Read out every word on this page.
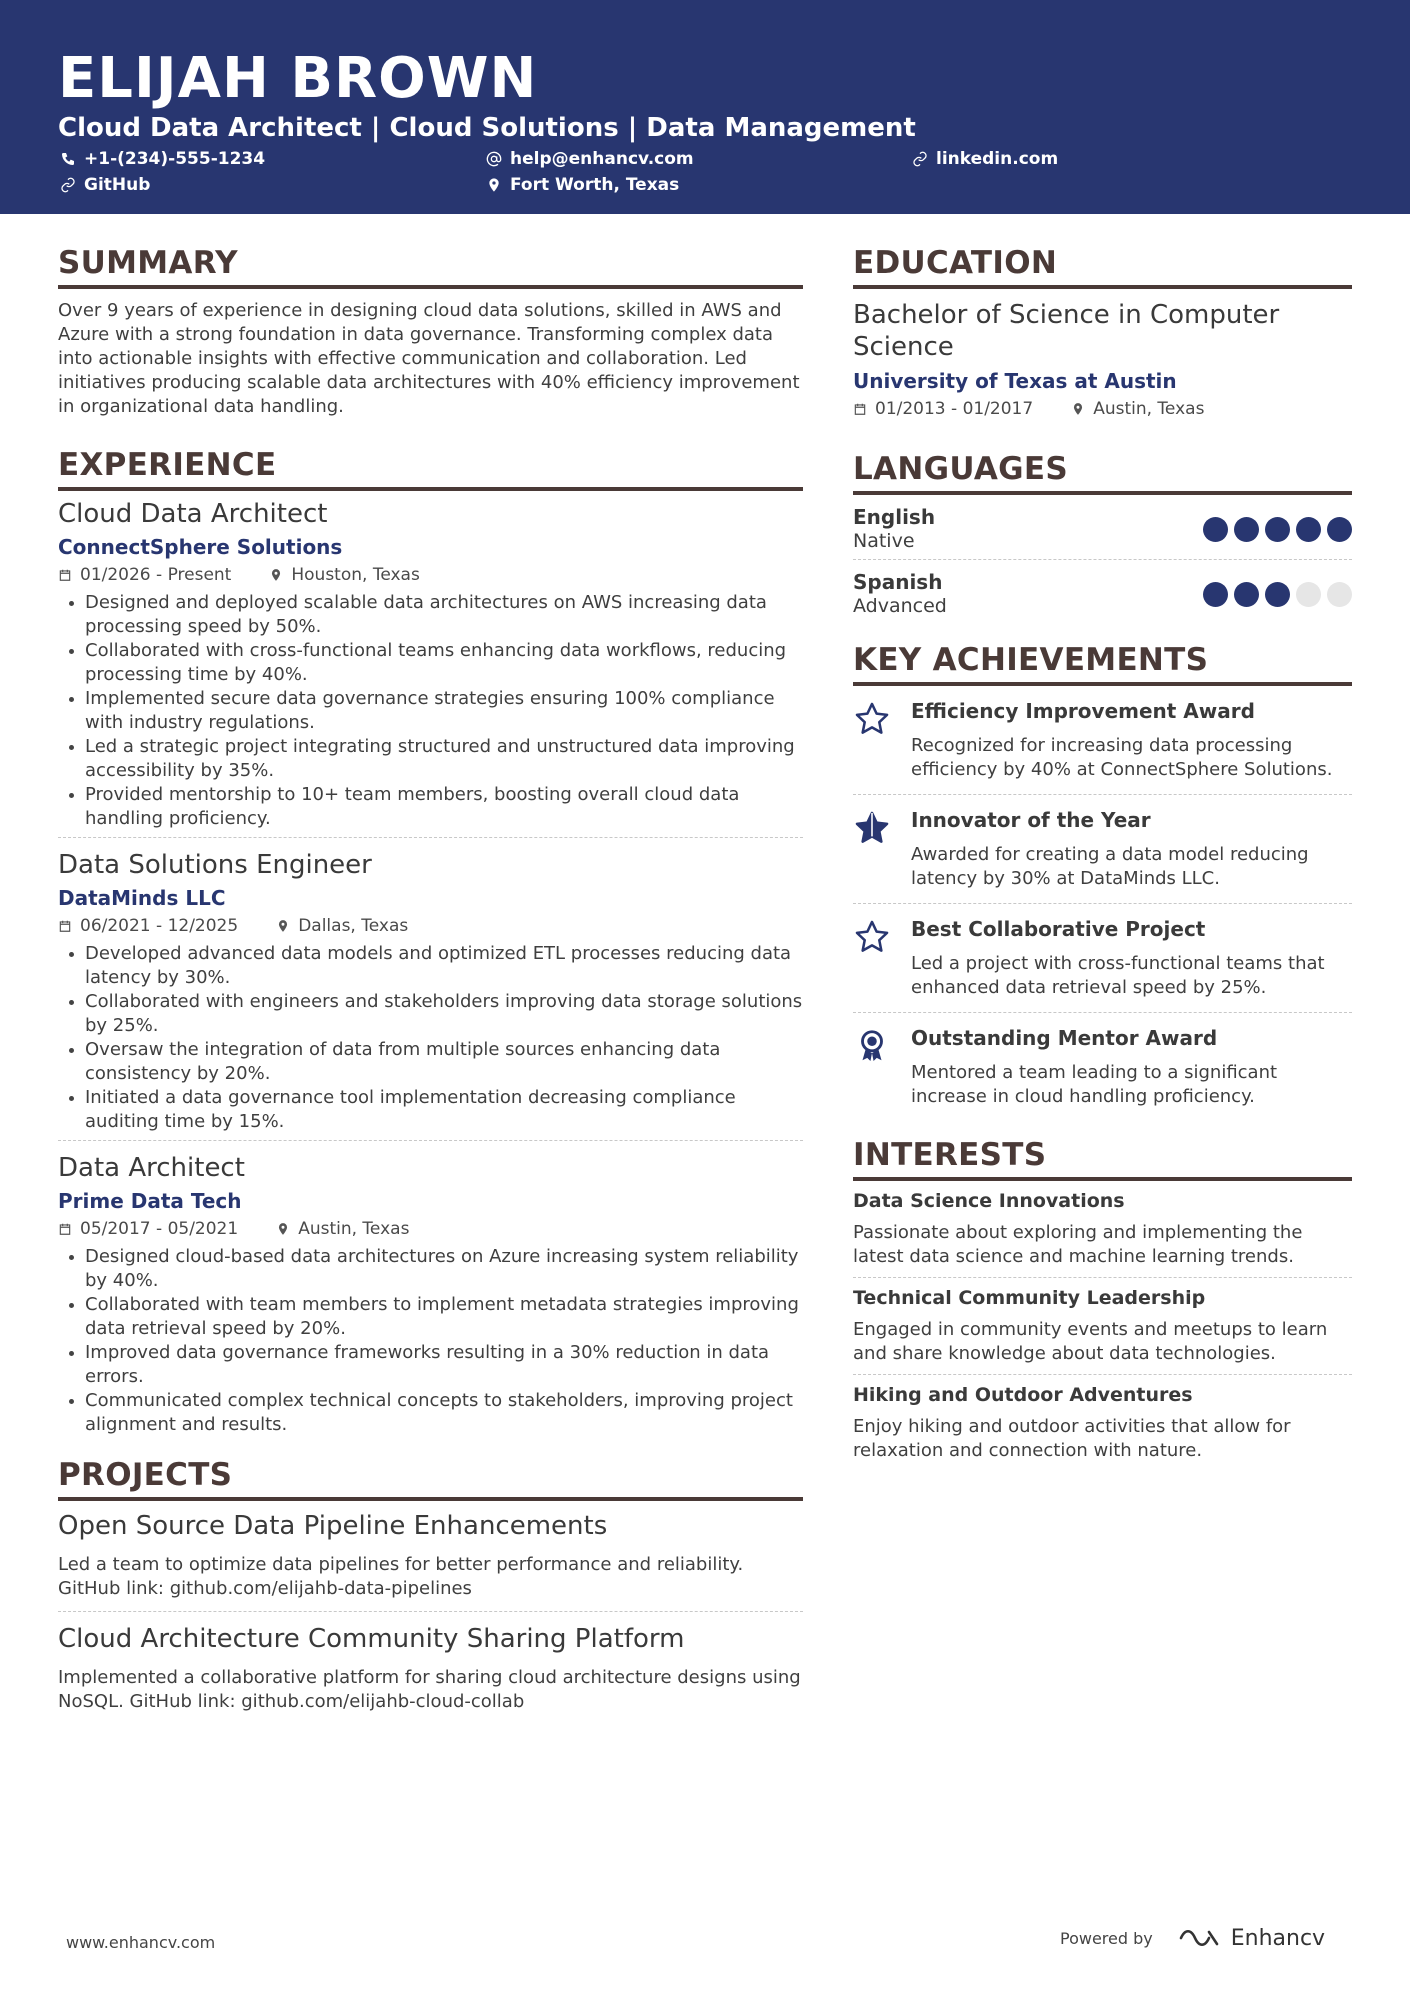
ELIJAH BROWN
Cloud Data Architect | Cloud Solutions | Data Management
+1-(234)-555-1234	help@enhancv.com	linkedin.com
GitHub	Fort Worth, Texas
SUMMARY
Over 9 years of experience in designing cloud data solutions, skilled in AWS and Azure with a strong foundation in data governance. Transforming complex data into actionable insights with effective communication and collaboration. Led initiatives producing scalable data architectures with 40% efficiency improvement in organizational data handling.
EXPERIENCE
Cloud Data Architect
ConnectSphere Solutions
01/2026 - Present	Houston, Texas
Designed and deployed scalable data architectures on AWS increasing data processing speed by 50%.
Collaborated with cross-functional teams enhancing data workflows, reducing processing time by 40%.
Implemented secure data governance strategies ensuring 100% compliance with industry regulations.
Led a strategic project integrating structured and unstructured data improving accessibility by 35%.
Provided mentorship to 10+ team members, boosting overall cloud data handling proficiency.
Data Solutions Engineer
DataMinds LLC
06/2021 - 12/2025	Dallas, Texas
Developed advanced data models and optimized ETL processes reducing data latency by 30%.
Collaborated with engineers and stakeholders improving data storage solutions by 25%.
Oversaw the integration of data from multiple sources enhancing data consistency by 20%.
Initiated a data governance tool implementation decreasing compliance auditing time by 15%.
Data Architect
Prime Data Tech
05/2017 - 05/2021	Austin, Texas
Designed cloud-based data architectures on Azure increasing system reliability by 40%.
Collaborated with team members to implement metadata strategies improving data retrieval speed by 20%.
Improved data governance frameworks resulting in a 30% reduction in data errors.
Communicated complex technical concepts to stakeholders, improving project alignment and results.
PROJECTS
Open Source Data Pipeline Enhancements
Led a team to optimize data pipelines for better performance and reliability. GitHub link: github.com/elijahb-data-pipelines
Cloud Architecture Community Sharing Platform
Implemented a collaborative platform for sharing cloud architecture designs using NoSQL. GitHub link: github.com/elijahb-cloud-collab
EDUCATION
Bachelor of Science in Computer Science
University of Texas at Austin
01/2013 - 01/2017	Austin, Texas
LANGUAGES
English
Native
Spanish
Advanced
KEY ACHIEVEMENTS
Efficiency Improvement Award
Recognized for increasing data processing efficiency by 40% at ConnectSphere Solutions.
Innovator of the Year
Awarded for creating a data model reducing latency by 30% at DataMinds LLC.
Best Collaborative Project
Led a project with cross-functional teams that enhanced data retrieval speed by 25%.
Outstanding Mentor Award
Mentored a team leading to a significant increase in cloud handling proficiency.
INTERESTS
Data Science Innovations
Passionate about exploring and implementing the latest data science and machine learning trends.
Technical Community Leadership
Engaged in community events and meetups to learn and share knowledge about data technologies.
Hiking and Outdoor Adventures
Enjoy hiking and outdoor activities that allow for relaxation and connection with nature.
www.enhancv.com	Powered by	Enhancv
